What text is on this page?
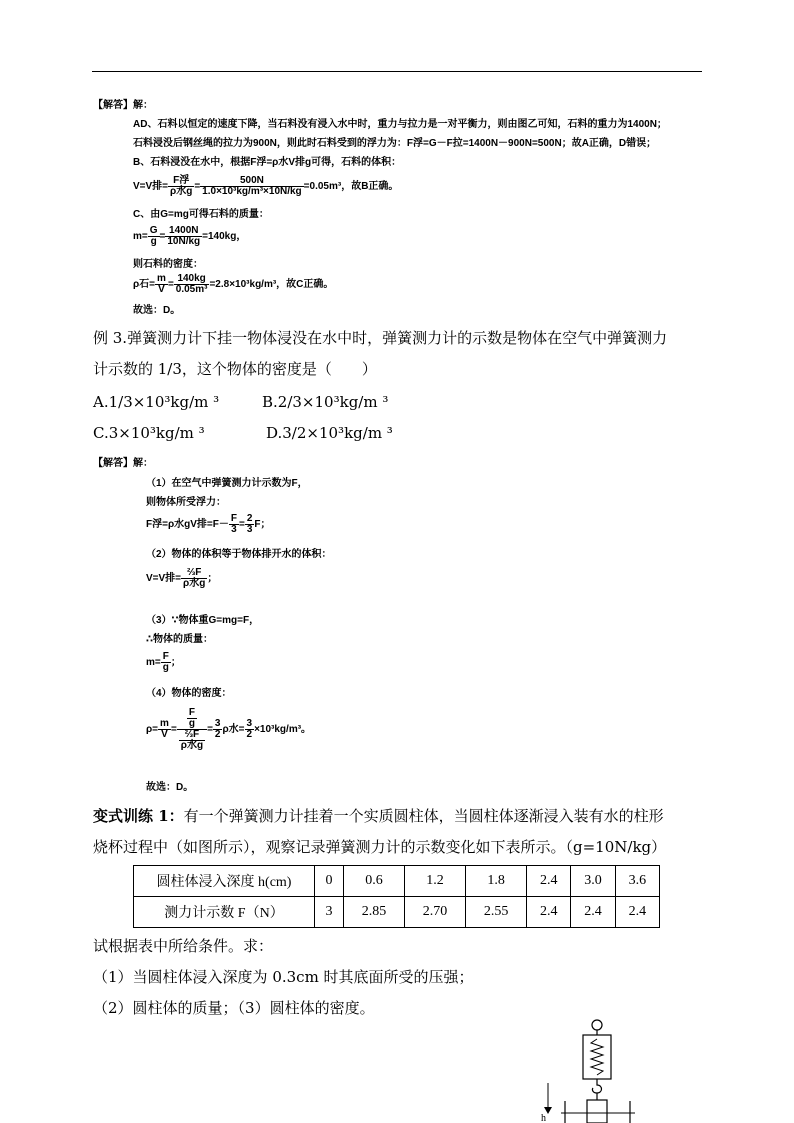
【解答】解：
AD、石料以恒定的速度下降，当石料没有浸入水中时，重力与拉力是一对平衡力，则由图乙可知，石料的重力为1400N；
石料浸没后钢丝绳的拉力为900N，则此时石料受到的浮力为：F浮=G－F拉=1400N－900N=500N；故A正确，D错误；
B、石料浸没在水中，根据F浮=ρ水V排g可得，石料的体积：
V=V排= $\frac{\text{F浮}}{\text{ρ水g}} = \frac{500N}{\text{1.0×10³kg/m³×10N/kg}} =0.05m^3$，故B正确。
C、由G=mg可得石料的质量：
$m= \frac{G}{g} = \frac{1400N}{10N/kg} =140kg$，
则石料的密度：
ρ石= $\frac{m}{V} = \frac{140kg}{\text{0.05m³}} =2.8\times 10^3kg/m^3$，故C正确。
故选：D。
例 3.弹簧测力计下挂一物体浸没在水中时，弹簧测力计的示数是物体在空气中弹簧测力
计示数的 1/3，这个物体的密度是（　　）
A.1/3×10³kg/m ³	B.2/3×10³kg/m ³
C.3×10³kg/m ³	D.3/2×10³kg/m ³
【解答】解：
（1）在空气中弹簧测力计示数为F，
则物体所受浮力：
F浮=ρ水gV排$=F- \frac{F}{3} = \frac{2}{3}$ F；
（2）物体的体积等于物体排开水的体积：
V=V排= $\frac{\text{⅔F}}{\text{ρ水g}}$ ；
（3）∵物体重G=mg=F，
∴物体的质量：
$m= \frac{F}{g}$ ；
（4）物体的密度：
$\rho= \frac{m}{V} = \frac{\frac{F}{g}}{\frac{\text{⅔F}}{\text{ρ水g}}} = \frac{3}{2}$ ρ水= $\frac{3}{2} \times 10^3kg/m^3$。
故选：D。
变式训练 1：有一个弹簧测力计挂着一个实质圆柱体，当圆柱体逐渐浸入装有水的柱形
烧杯过程中（如图所示），观察记录弹簧测力计的示数变化如下表所示。（g=10N/kg）
圆柱体浸入深度 h(cm)	0	0.6	1.2	1.8	2.4	3.0	3.6
测力计示数 F（N）	3	2.85	2.70	2.55	2.4	2.4	2.4
试根据表中所给条件。求：
（1）当圆柱体浸入深度为 0.3cm 时其底面所受的压强；
（2）圆柱体的质量；（3）圆柱体的密度。
h
